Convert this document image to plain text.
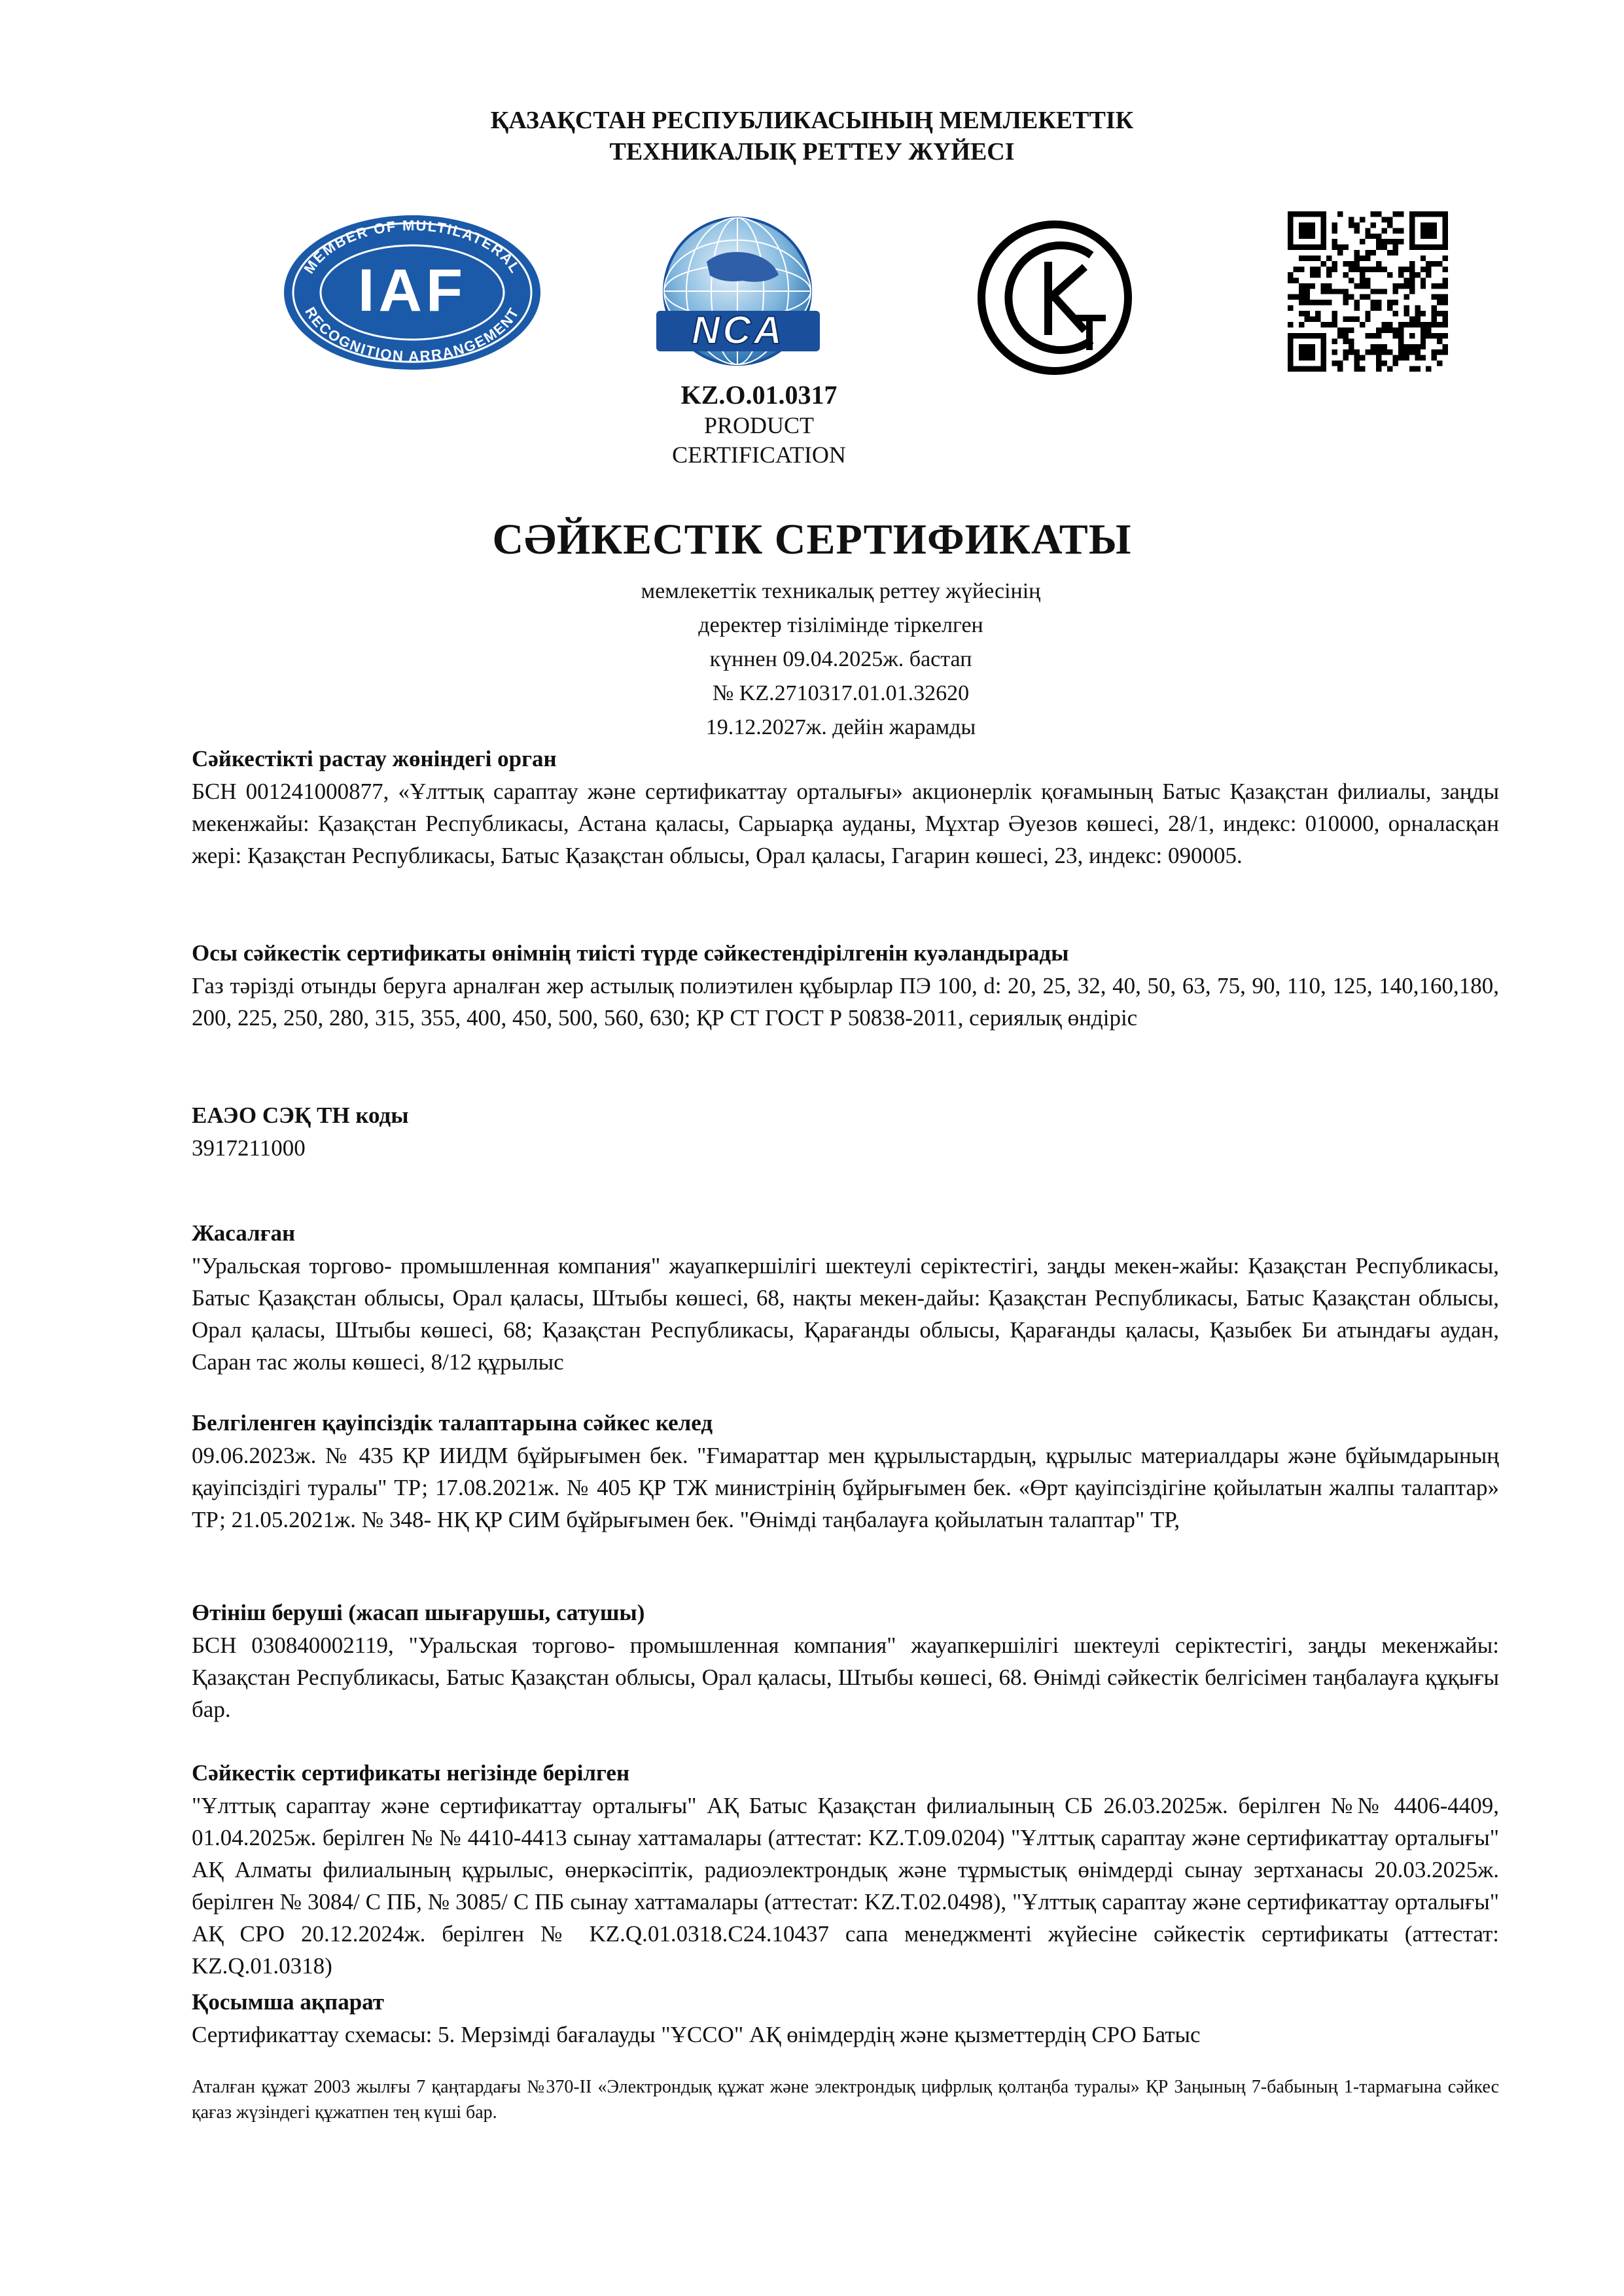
ҚАЗАҚСТАН РЕСПУБЛИКАСЫНЫҢ МЕМЛЕКЕТТІК
ТЕХНИКАЛЫҚ РЕТТЕУ ЖҮЙЕСІ
MEMBER OF MULTILATERAL
RECOGNITION ARRANGEMENT
IAF
NCA
KZ.O.01.0317
PRODUCT
CERTIFICATION
СӘЙКЕСТІК СЕРТИФИКАТЫ
мемлекеттік техникалық реттеу жүйесінің
деректер тізілімінде тіркелген
күннен 09.04.2025ж. бастап
№ KZ.2710317.01.01.32620
19.12.2027ж. дейін жарамды
Сәйкестікті растау жөніндегі орган
БСН 001241000877, «Ұлттық сараптау және сертификаттау орталығы» акционерлік қоғамының Батыс Қазақстан филиалы, заңды мекенжайы: Қазақстан Республикасы, Астана қаласы, Сарыарқа ауданы, Мұхтар Әуезов көшесі, 28/1, индекс: 010000, орналасқан жері: Қазақстан Республикасы, Батыс Қазақстан облысы, Орал қаласы, Гагарин көшесі, 23, индекс: 090005.
Осы сәйкестік сертификаты өнімнің тиісті түрде сәйкестендірілгенін куәландырады
Газ тәрізді отынды беруга арналған жер астылық полиэтилен құбырлар ПЭ 100, d: 20, 25, 32, 40, 50, 63, 75, 90, 110, 125, 140,160,180, 200, 225, 250, 280, 315, 355, 400, 450, 500, 560, 630; ҚР СТ ГОСТ Р 50838-2011, сериялық өндіріс
ЕАЭО СЭҚ ТН коды
3917211000
Жасалған
"Уральская торгово- промышленная компания" жауапкершілігі шектеулі серіктестігі, заңды мекен-жайы: Қазақстан Республикасы, Батыс Қазақстан облысы, Орал қаласы, Штыбы көшесі, 68, нақты мекен-дайы: Қазақстан Республикасы, Батыс Қазақстан облысы, Орал қаласы, Штыбы көшесі, 68; Қазақстан Республикасы, Қарағанды облысы, Қарағанды қаласы, Қазыбек Би атындағы аудан, Саран тас жолы көшесі, 8/12 құрылыс
Белгіленген қауіпсіздік талаптарына сәйкес келед
09.06.2023ж. № 435 ҚР ИИДМ бұйрығымен бек. "Ғимараттар мен құрылыстардың, құрылыс материалдары және бұйымдарының қауіпсіздігі туралы" ТР; 17.08.2021ж. № 405 ҚР ТЖ министрінің бұйрығымен бек. «Өрт қауіпсіздігіне қойылатын жалпы талаптар» ТР; 21.05.2021ж. № 348- НҚ ҚР СИМ бұйрығымен бек. "Өнімді таңбалауға қойылатын талаптар" ТР,
Өтініш беруші (жасап шығарушы, сатушы)
БСН 030840002119, "Уральская торгово- промышленная компания" жауапкершілігі шектеулі серіктестігі, заңды мекенжайы: Қазақстан Республикасы, Батыс Қазақстан облысы, Орал қаласы, Штыбы көшесі, 68. Өнімді сәйкестік белгісімен таңбалауға құқығы бар.
Сәйкестік сертификаты негізінде берілген
"Ұлттық сараптау және сертификаттау орталығы" АҚ Батыс Қазақстан филиалының СБ 26.03.2025ж. берілген №№ 4406-4409, 01.04.2025ж. берілген № № 4410-4413 сынау хаттамалары (аттестат: KZ.T.09.0204) "Ұлттық сараптау және сертификаттау орталығы" АҚ Алматы филиалының құрылыс, өнеркәсіптік, радиоэлектрондық және тұрмыстық өнімдерді сынау зертханасы 20.03.2025ж. берілген № 3084/ С ПБ, № 3085/ С ПБ сынау хаттамалары (аттестат: KZ.T.02.0498), "Ұлттық сараптау және сертификаттау орталығы" АҚ СРО 20.12.2024ж. берілген № KZ.Q.01.0318.C24.10437 сапа менеджменті жүйесіне сәйкестік сертификаты (аттестат: KZ.Q.01.0318)
Қосымша ақпарат
Сертификаттау схемасы: 5. Мерзімді бағалауды "ҰССО" АҚ өнімдердің және қызметтердің СРО Батыс
Аталған құжат 2003 жылғы 7 қаңтардағы №370-II «Электрондық құжат және электрондық цифрлық қолтаңба туралы» ҚР Заңының 7-бабының 1-тармағына сәйкес қағаз жүзіндегі құжатпен тең күші бар.
